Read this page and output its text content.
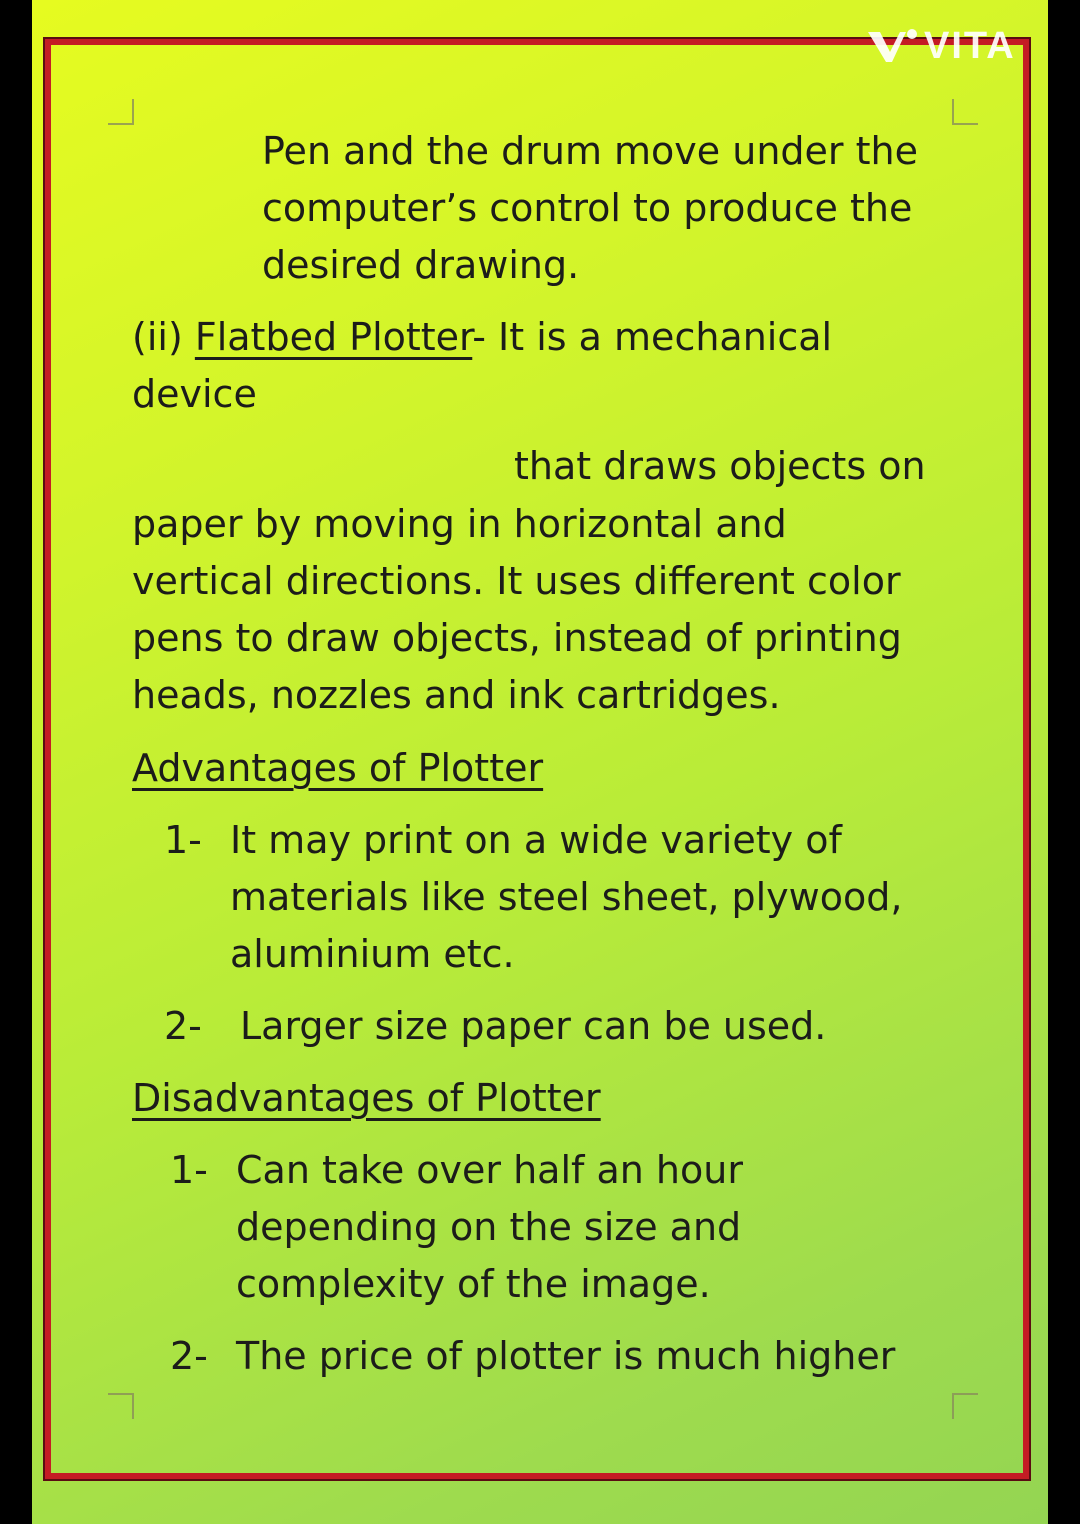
VITA
Pen and the drum move under the
computer’s control to produce the
desired drawing.
(ii) Flatbed Plotter- It is a mechanical
device
that draws objects on
paper by moving in horizontal and
vertical directions. It uses different color
pens to draw objects, instead of printing
heads, nozzles and ink cartridges.
Advantages of Plotter
1- It may print on a wide variety of
materials like steel sheet, plywood,
aluminium etc.
2- Larger size paper can be used.
Disadvantages of Plotter
1- Can take over half an hour
depending on the size and
complexity of the image.
2- The price of plotter is much higher
